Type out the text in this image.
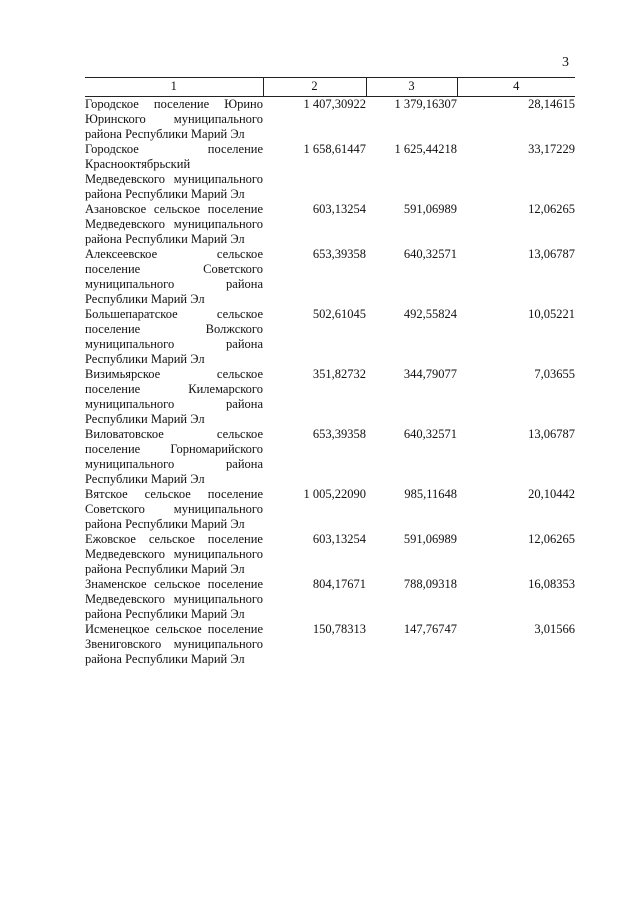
3
1	2	3	4
Городское поселение Юрино Юринского муниципального района Республики Марий Эл	1 407,30922	1 379,16307	28,14615
Городское поселение Краснооктябрьский Медведевского муниципального района Республики Марий Эл	1 658,61447	1 625,44218	33,17229
Азановское сельское поселение Медведевского муниципального района Республики Марий Эл	603,13254	591,06989	12,06265
Алексеевское сельское поселение Советского муниципального района Республики Марий Эл	653,39358	640,32571	13,06787
Большепаратское сельское поселение Волжского муниципального района Республики Марий Эл	502,61045	492,55824	10,05221
Визимьярское сельское поселение Килемарского муниципального района Республики Марий Эл	351,82732	344,79077	7,03655
Виловатовское сельское поселение Горномарийского муниципального района Республики Марий Эл	653,39358	640,32571	13,06787
Вятское сельское поселение Советского муниципального района Республики Марий Эл	1 005,22090	985,11648	20,10442
Ежовское сельское поселение Медведевского муниципального района Республики Марий Эл	603,13254	591,06989	12,06265
Знаменское сельское поселение Медведевского муниципального района Республики Марий Эл	804,17671	788,09318	16,08353
Исменецкое сельское поселение Звениговского муниципального района Республики Марий Эл	150,78313	147,76747	3,01566
